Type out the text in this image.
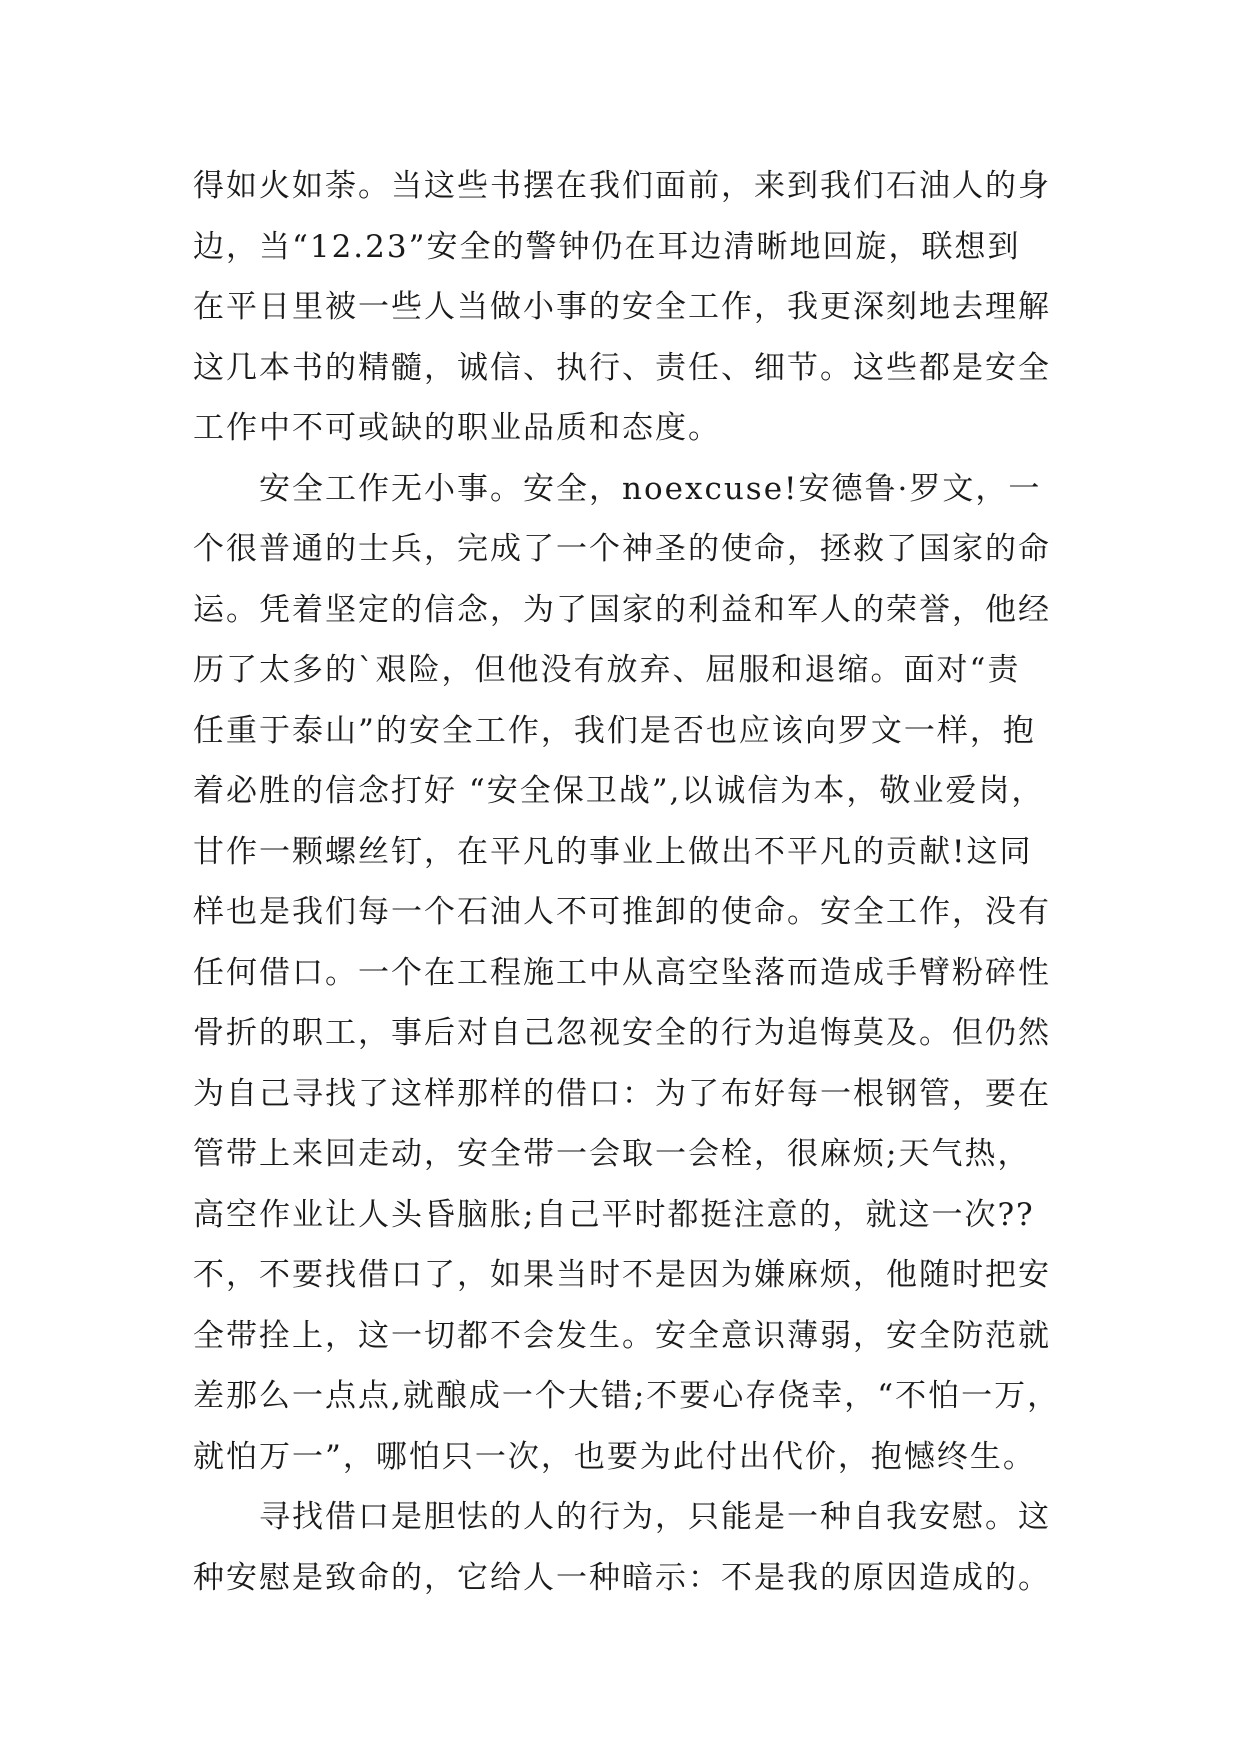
得如火如荼。当这些书摆在我们面前，来到我们石油人的身
边，当“12.23”安全的警钟仍在耳边清晰地回旋，联想到
在平日里被一些人当做小事的安全工作，我更深刻地去理解
这几本书的精髓，诚信、执行、责任、细节。这些都是安全
工作中不可或缺的职业品质和态度。
　　安全工作无小事。安全，noexcuse!安德鲁·罗文，一
个很普通的士兵，完成了一个神圣的使命，拯救了国家的命
运。凭着坚定的信念，为了国家的利益和军人的荣誉，他经
历了太多的`艰险，但他没有放弃、屈服和退缩。面对“责
任重于泰山”的安全工作，我们是否也应该向罗文一样，抱
着必胜的信念打好 “安全保卫战”,以诚信为本，敬业爱岗，
甘作一颗螺丝钉，在平凡的事业上做出不平凡的贡献!这同
样也是我们每一个石油人不可推卸的使命。安全工作，没有
任何借口。一个在工程施工中从高空坠落而造成手臂粉碎性
骨折的职工，事后对自己忽视安全的行为追悔莫及。但仍然
为自己寻找了这样那样的借口：为了布好每一根钢管，要在
管带上来回走动，安全带一会取一会栓，很麻烦;天气热，
高空作业让人头昏脑胀;自己平时都挺注意的，就这一次??
不，不要找借口了，如果当时不是因为嫌麻烦，他随时把安
全带拴上，这一切都不会发生。安全意识薄弱，安全防范就
差那么一点点,就酿成一个大错;不要心存侥幸，“不怕一万，
就怕万一”，哪怕只一次，也要为此付出代价，抱憾终生。
　　寻找借口是胆怯的人的行为，只能是一种自我安慰。这
种安慰是致命的，它给人一种暗示：不是我的原因造成的。
